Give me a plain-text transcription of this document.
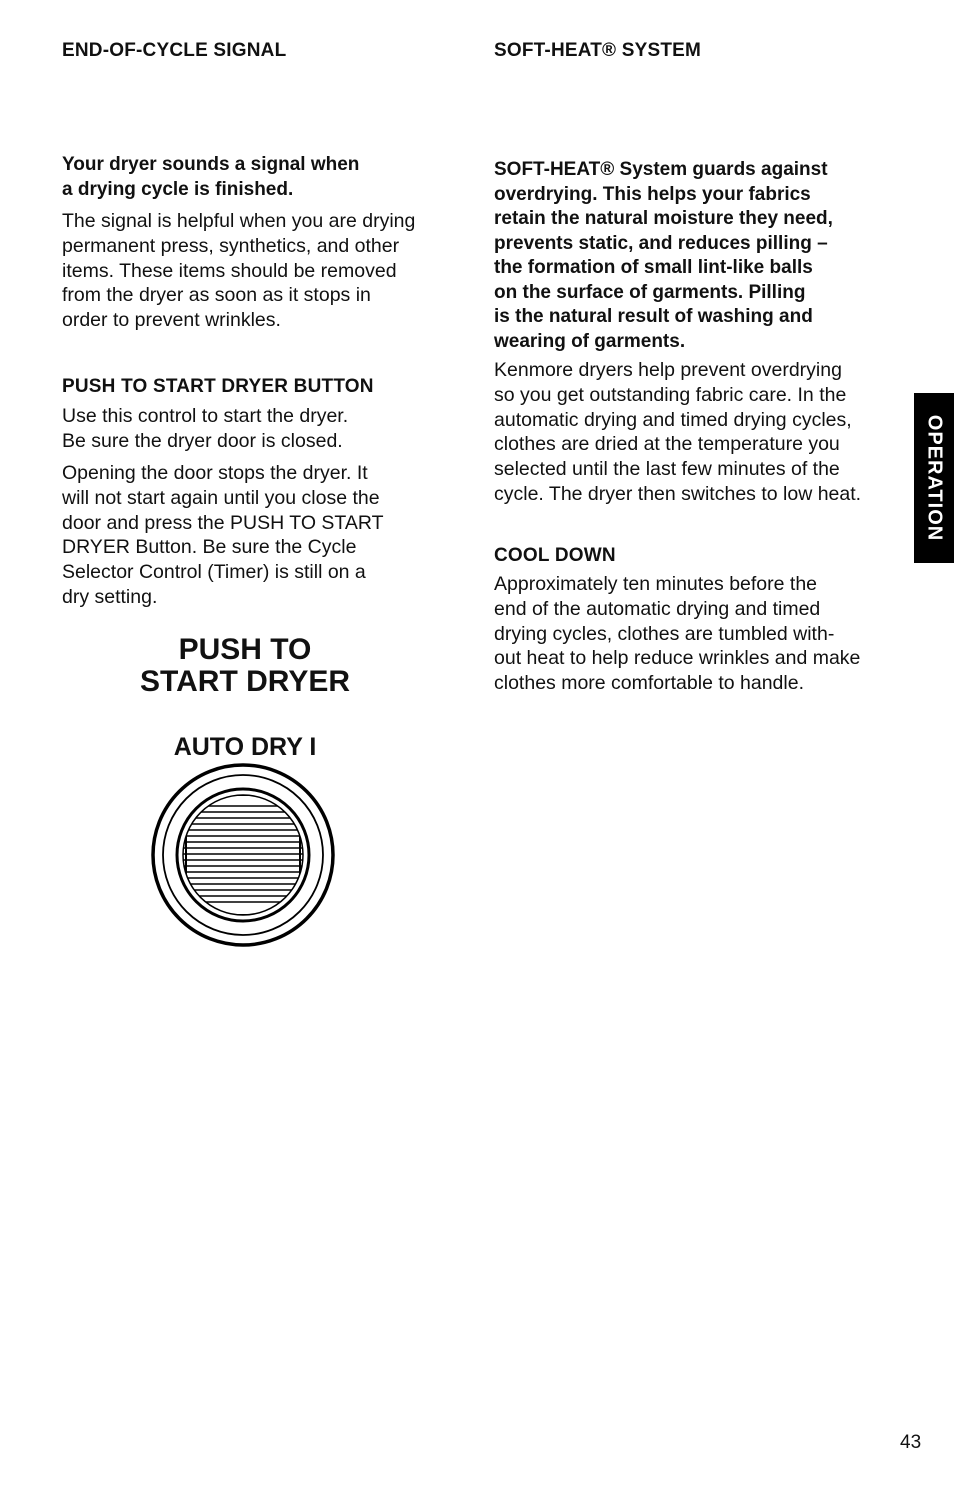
END-OF-CYCLE SIGNAL
Your dryer sounds a signal when
a drying cycle is finished.
The signal is helpful when you are drying
permanent press, synthetics, and other
items. These items should be removed
from the dryer as soon as it stops in
order to prevent wrinkles.
PUSH TO START DRYER BUTTON
Use this control to start the dryer.
Be sure the dryer door is closed.
Opening the door stops the dryer. It
will not start again until you close the
door and press the PUSH TO START
DRYER Button. Be sure the Cycle
Selector Control (Timer) is still on a
dry setting.
PUSH TO
START DRYER
AUTO DRY I
SOFT-HEAT® SYSTEM
SOFT-HEAT® System guards against
overdrying. This helps your fabrics
retain the natural moisture they need,
prevents static, and reduces pilling –
the formation of small lint-like balls
on the surface of garments. Pilling
is the natural result of washing and
wearing of garments.
Kenmore dryers help prevent overdrying
so you get outstanding fabric care. In the
automatic drying and timed drying cycles,
clothes are dried at the temperature you
selected until the last few minutes of the
cycle. The dryer then switches to low heat.
COOL DOWN
Approximately ten minutes before the
end of the automatic drying and timed
drying cycles, clothes are tumbled with-
out heat to help reduce wrinkles and make
clothes more comfortable to handle.
OPERATION
43
